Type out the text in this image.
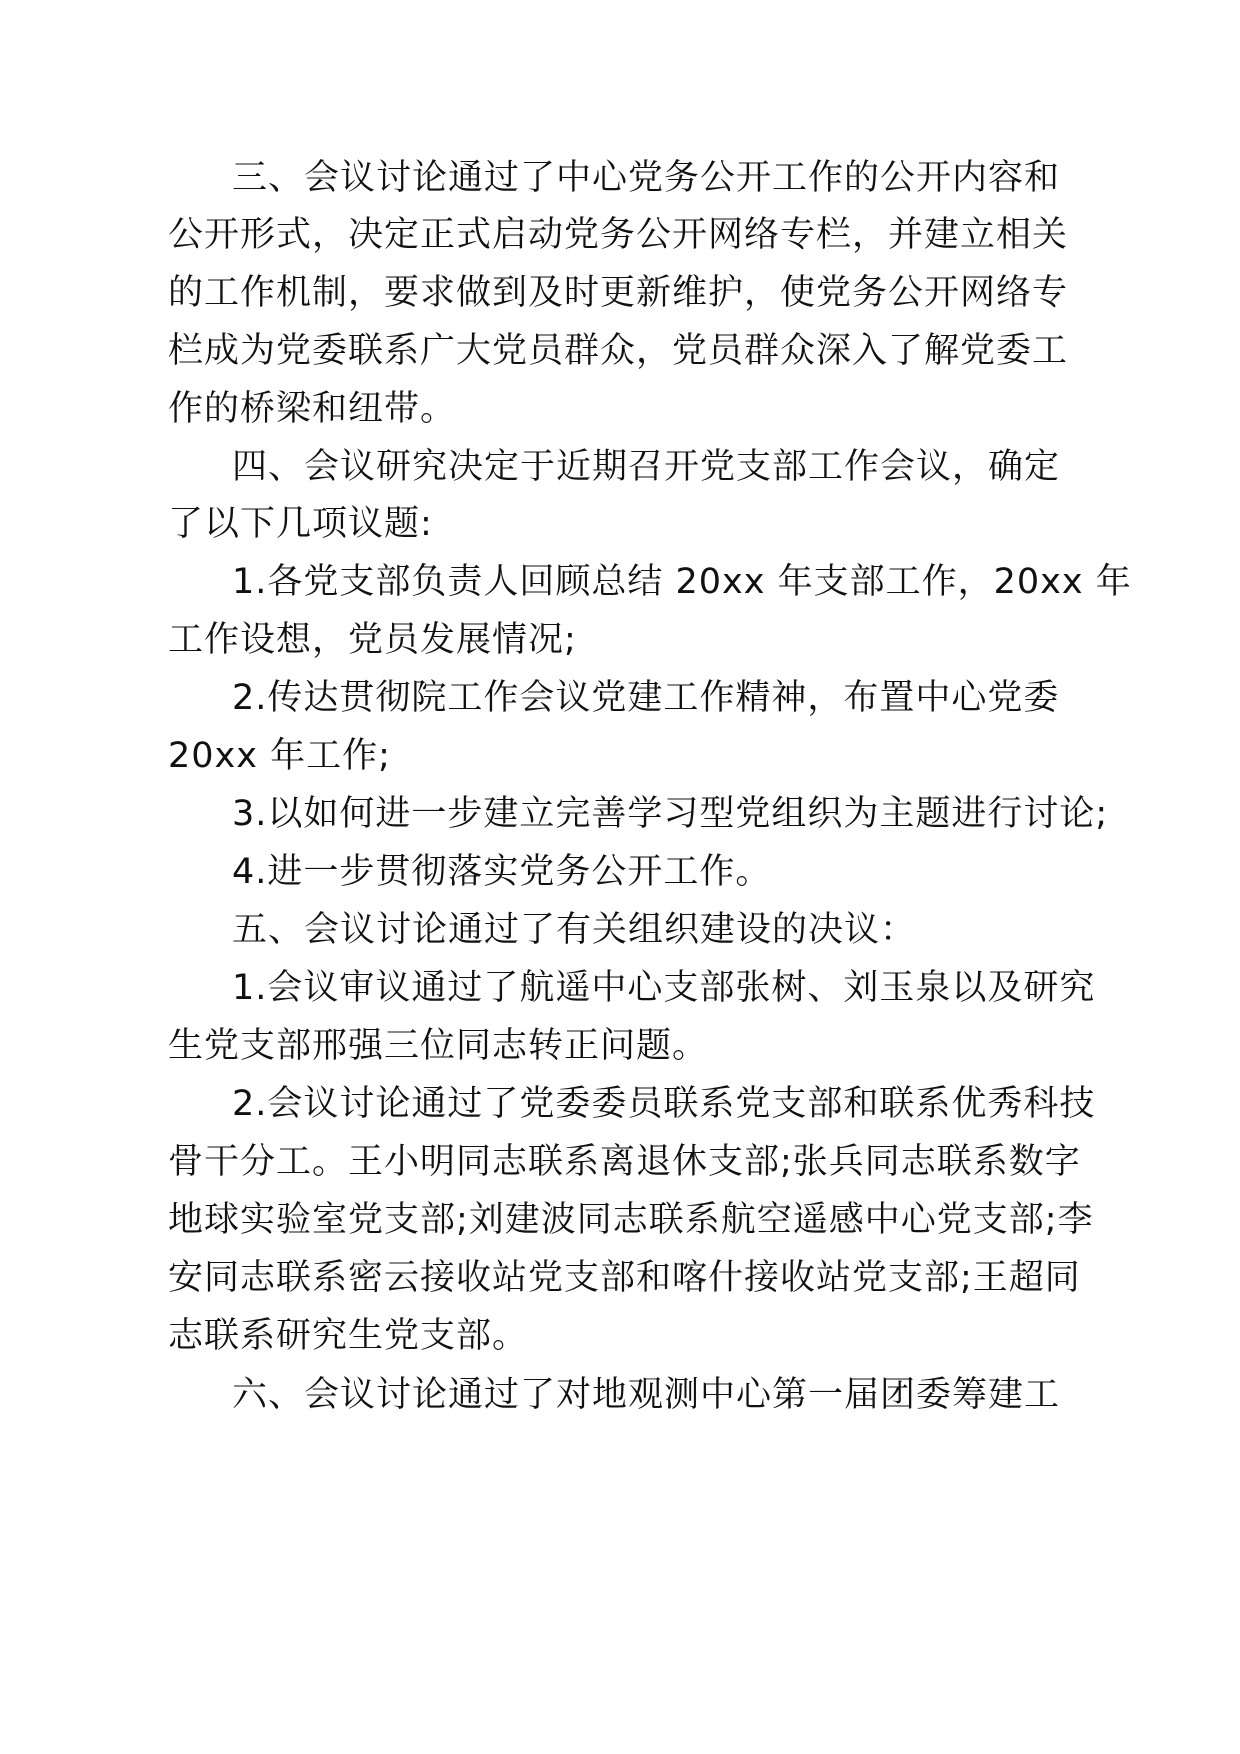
三、会议讨论通过了中心党务公开工作的公开内容和
公开形式，决定正式启动党务公开网络专栏，并建立相关
的工作机制，要求做到及时更新维护，使党务公开网络专
栏成为党委联系广大党员群众，党员群众深入了解党委工
作的桥梁和纽带。
四、会议研究决定于近期召开党支部工作会议，确定
了以下几项议题:
1.各党支部负责人回顾总结 20xx 年支部工作，20xx 年
工作设想，党员发展情况;
2.传达贯彻院工作会议党建工作精神，布置中心党委
20xx 年工作;
3.以如何进一步建立完善学习型党组织为主题进行讨论;
4.进一步贯彻落实党务公开工作。
五、会议讨论通过了有关组织建设的决议：
1.会议审议通过了航遥中心支部张树、刘玉泉以及研究
生党支部邢强三位同志转正问题。
2.会议讨论通过了党委委员联系党支部和联系优秀科技
骨干分工。王小明同志联系离退休支部;张兵同志联系数字
地球实验室党支部;刘建波同志联系航空遥感中心党支部;李
安同志联系密云接收站党支部和喀什接收站党支部;王超同
志联系研究生党支部。
六、会议讨论通过了对地观测中心第一届团委筹建工
